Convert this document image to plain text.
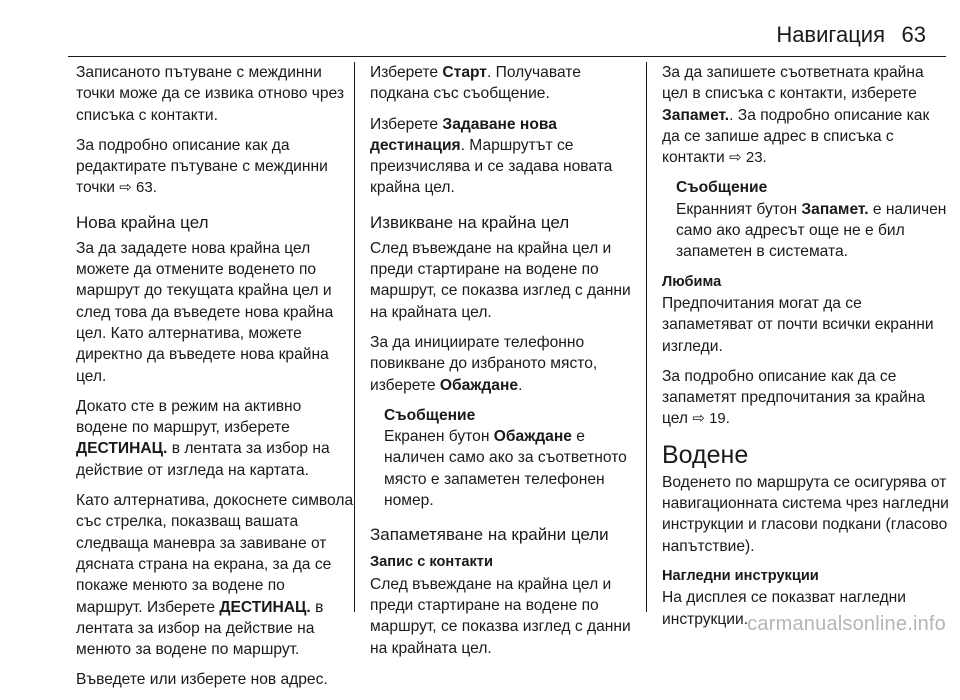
Навигация 63

Записаното пътуване с междинни точки може да се извика отново чрез списъка с контакти.

За подробно описание как да редактирате пътуване с междинни точки ⇨ 63.

Нова крайна цел

За да зададете нова крайна цел можете да отмените воденето по маршрут до текущата крайна цел и след това да въведете нова крайна цел. Като алтернатива, можете директно да въведете нова крайна цел.

Докато сте в режим на активно водене по маршрут, изберете ДЕСТИНАЦ. в лентата за избор на действие от изгледа на картата.

Като алтернатива, докоснете символа със стрелка, показващ вашата следваща маневра за завиване от дясната страна на екрана, за да се покаже менюто за водене по маршрут. Изберете ДЕСТИНАЦ. в лентата за избор на действие на менюто за водене по маршрут.

Въведете или изберете нов адрес.

Изберете Старт. Получавате подкана със съобщение.

Изберете Задаване нова дестинация. Маршрутът се преизчислява и се задава новата крайна цел.

Извикване на крайна цел

След въвеждане на крайна цел и преди стартиране на водене по маршрут, се показва изглед с данни на крайната цел.

За да инициирате телефонно повикване до избраното място, изберете Обаждане.

Съобщение

Екранен бутон Обаждане е наличен само ако за съответното място е запаметен телефонен номер.

Запаметяване на крайни цели
Запис с контакти

След въвеждане на крайна цел и преди стартиране на водене по маршрут, се показва изглед с данни на крайната цел.

За да запишете съответната крайна цел в списъка с контакти, изберете Запамет.. За подробно описание как да се запише адрес в списъка с контакти ⇨ 23.

Съобщение

Екранният бутон Запамет. е наличен само ако адресът още не е бил запаметен в системата.

Любима

Предпочитания могат да се запаметяват от почти всички екранни изгледи.

За подробно описание как да се запаметят предпочитания за крайна цел ⇨ 19.

Водене

Воденето по маршрута се осигурява от навигационната система чрез нагледни инструкции и гласови подкани (гласово напътствие).

Нагледни инструкции

На дисплея се показват нагледни инструкции. carmanualsonline.info
